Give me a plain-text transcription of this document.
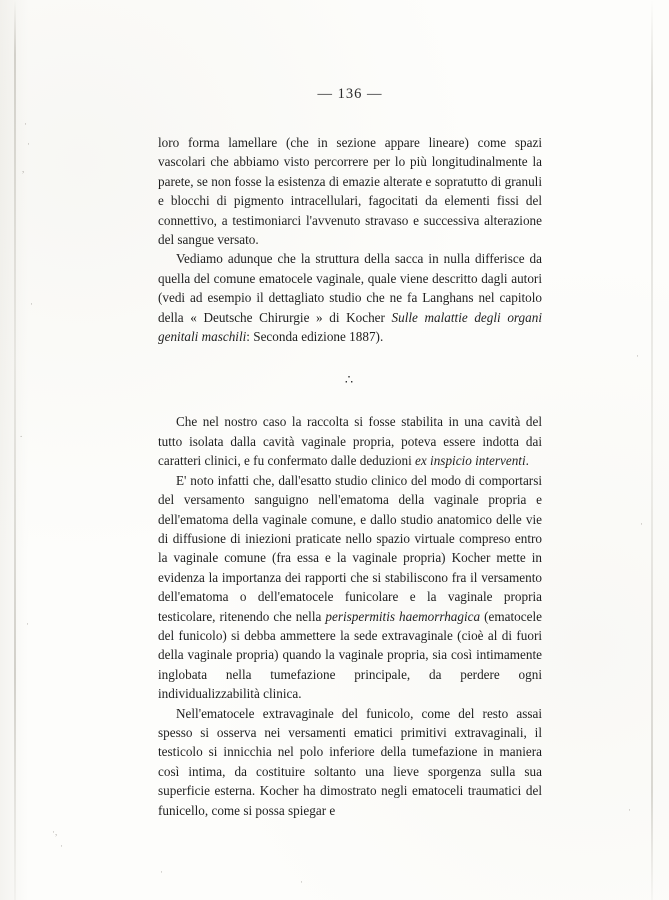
·
·
,
·
.
·
·,
·
·
·
·
·
·
— 136 —

loro forma lamellare (che in sezione appare lineare) come spazi vascolari che abbiamo visto percorrere per lo più longitudinalmente la parete, se non fosse la esistenza di emazie alterate e sopratutto di granuli e blocchi di pigmento intracellulari, fagocitati da elementi fissi del connettivo, a testimoniarci l'avvenuto stravaso e successiva alterazione del sangue versato.

Vediamo adunque che la struttura della sacca in nulla differisce da quella del comune ematocele vaginale, quale viene descritto dagli autori (vedi ad esempio il dettagliato studio che ne fa Langhans nel capitolo della « Deutsche Chirurgie » di Kocher Sulle malattie degli organi genitali maschili: Seconda edizione 1887).

∴

Che nel nostro caso la raccolta si fosse stabilita in una cavità del tutto isolata dalla cavità vaginale propria, poteva essere indotta dai caratteri clinici, e fu confermato dalle deduzioni ex inspicio interventi.

E' noto infatti che, dall'esatto studio clinico del modo di comportarsi del versamento sanguigno nell'ematoma della vaginale propria e dell'ematoma della vaginale comune, e dallo studio anatomico delle vie di diffusione di iniezioni praticate nello spazio virtuale compreso entro la vaginale comune (fra essa e la vaginale propria) Kocher mette in evidenza la importanza dei rapporti che si stabiliscono fra il versamento dell'ematoma o dell'ematocele funicolare e la vaginale propria testicolare, ritenendo che nella perispermitis haemorrhagica (ematocele del funicolo) si debba ammettere la sede extravaginale (cioè al di fuori della vaginale propria) quando la vaginale propria, sia così intimamente inglobata nella tumefazione principale, da perdere ogni individualizzabilità clinica.

Nell'ematocele extravaginale del funicolo, come del resto assai spesso si osserva nei versamenti ematici primitivi extravaginali, il testicolo si innicchia nel polo inferiore della tumefazione in maniera così intima, da costituire soltanto una lieve sporgenza sulla sua superficie esterna. Kocher ha dimostrato negli ematoceli traumatici del funicello, come si possa spiegar e
